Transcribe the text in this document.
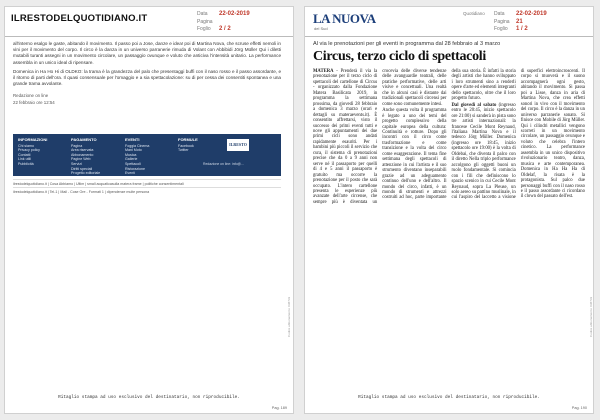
ILRESTODELQUOTIDIANO.IT	Data 22-02-2019
Pagina
Foglio 2 / 2

all'interno esalgo le gaste, abitando il movimento. Il passo poi a Jose, danze e idea! poi di Martina Nova, che scruse effetti nemoli in vini per il movimento del corpo. Il circo è la danza in un universo parranerie rimuda di Volant con Abbibidi Jörg Müller Qui i diletti mutabili turanti assegni in un movimento circolare, un passaggio ovunque e voluto che anticiva l'intensità unitario. La performance assembla in un unico ideal di ripensare.

Domenica in Ha Ho Hi di OLDKO: la trama è la grandezza del palo che presentaggi buffi con il naso rosso e il passo assordante, e il ritorno di parti dell'ora. Il quasi consensuale per l'omaggio e a sia spettacolazione: su di per cessa dei consentiti spontanea e una grande trama avvolante.

Redazione on line
22 febbraio ore 12:54
INFORMAZIONI
Chi siamo
Privacy policy
Contatti
Link utili
Pubblicità
PAGAMENTO
Pagina
Area riservata
Abbonamento
Pagine Web
Servizi
Diritti speciali
Progetto editoriale
EVENTI
Foggia Cinema
Mani Moto
Musica
Gallerie
Spettacoli
Ristorazione
Eventi
FORMULE
Facebook
Twitter
ILRESTO
Redazione on line: info@...
ilrestodelquotidiano.it | Cosa Abbiamo | Ultim | small acquaticasulla matera frame | politiche consentimentali
ilrestodelquotidiano.it | Tel-1 | Mail - Cose Ore - Formati 1 | dipendenze multe persona
Codice abbonamento: 038733
Ritaglio stampa ad uso esclusivo del destinatario, non riproducibile.
Pag. 189
LA NUOVA
del Sud
Quotidiano Data 22-02-2019
Pagina 21
Foglio 1 / 2
Al via le prenotazioni per gli eventi in programma dal 28 febbraio al 3 marzo
Circus, terzo ciclo di spettacoli

MATERA - Prenderà il via la prenotazione per il terzo ciclo di spettacoli del cartellone di Circus - organizzato dalla Fondazione Matera Basilicata 2019, in programma la settimana prossima, da giovedì 28 febbraio a domenica 3 marzo (orari e dettagli su materaevents.it). È consentito affrettarsi, visto il successo dei primi eventi tutti e nove gli appuntamenti dei due primi cicli sono andati rapidamente esauriti. Per i bambini più piccoli il servizio che cura, il sistema di prenotazioni precise che da 0 a 9 anni non serve né il passaporto per quelli di 4 e 5 anni il passaporto è gratuito ma occorre la prenotazione per il posto che sarà occupato. L'intero cartellone presenta le esperienze più avanzate dell'arte circense, che sempre più è diventata un crocevia delle diverse tendenze delle avanguardie teatrali, delle pratiche performative, delle arti visive e concettuali. Una realtà che in alcuni casi è distante dai tradizionali spettacoli circensi per come sono comunemente intesi.

Anche questa volta il programma è legato a uno dei temi del progetto complessivo della capitale europea della cultura: Continuità e rotture. Dopo gli incontri con il circo come trasformazione e come transizione e la volta del circo come esaggerazione. Il tema fine settimana degli spettacoli di attenzione in cui l'artista e il suo strumento diventano inseparabili grazie ad un adeguamento continuo dell'uno e dell'altro. Il mondo del circo, infatti, è un mondo di strumenti e attrezzi costruiti ad hoc, parte importante della sua storia. È infatti la storia degli artisti che hanno sviluppato i loro strumenti sino a renderli opere d'arte ed elementi integranti dello spettacolo, oltre che il loro progetto futuro.

Dal giovedì al sabato (ingresso entro le 20:45, inizio spettacolo ore 21:00) si sanderà in pista sono tre artisti internazionali: la francese Cecile Mont Reynaud, l'italiana Martina Nova e il tedesco Jörg Müller. Domenica (ingresso ore 18:45, inizio spettacolo ore 19:00) è la volta di Oldebai, che diventa il palco con il diretto Nella triplo performance accolgono gli oggetti buoni un ruolo fondamentale. Si comincia con i fili che definiscono lo spazio scenico in cui Cecile Mont Reynaud, sopra La Pleuse, un solo aereo su pattino muslinale, in cui l'aspiro del laccetto a visione di superfici elettroincroscenti. Il corpo si muoverà e il suono accompagnerà ogni gesto, abitando il movimento. Si passa poi a Lisse, danza in aria di Martina Nova, che crea effetti sonori in vivo con il movimento del corpo. Il circo è la danza in un universo parranerie sonato. Si finisce con Mobile di Jörg Müller. Qui i cilindri metallici vengono scorreti in un movimento circolare, un passaggio ovunque e voluto che celebra l'intero cinetico. La performance assembla in un unico dispositivo rivoluzionario teatro, danza, musica e arte contemporanea. Domenica in Ha Ha Ha di Oldelaf, la risata è la protagonista. Sul palco due personaggi buffi con il naso rosso e il passo assordante ci ricordano il clown del passato dell'est.

Codice abbonamento: 038733
Ritaglio stampa ad uso esclusivo del destinatario, non riproducibile.
Pag. 190
